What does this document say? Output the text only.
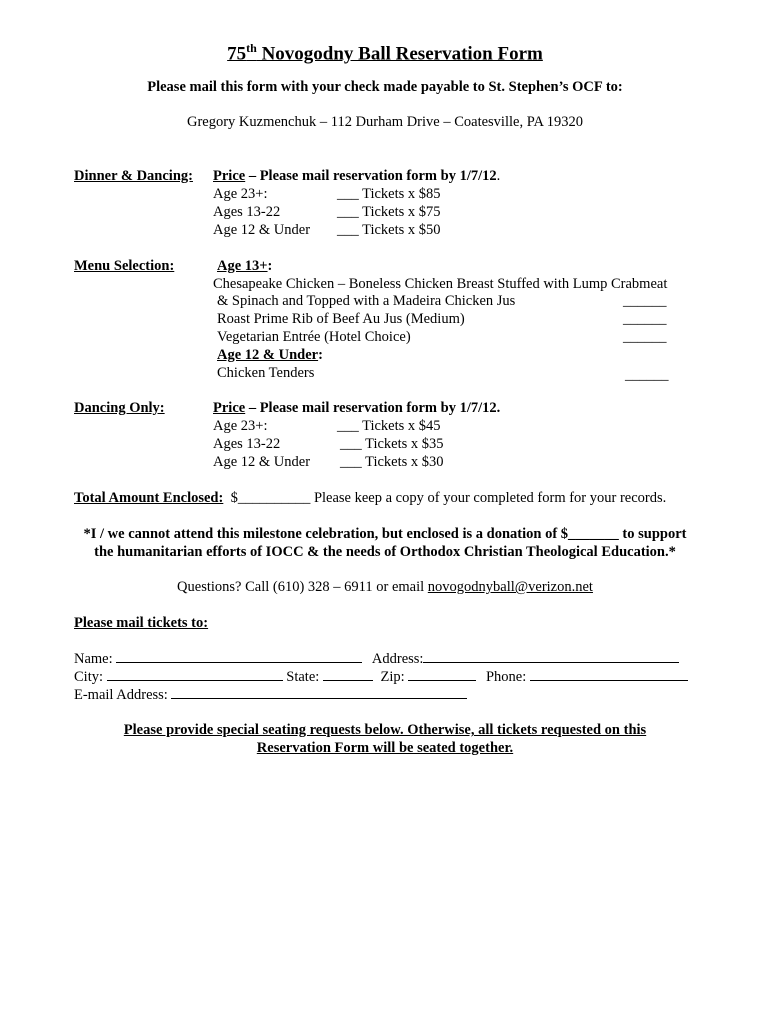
75th Novogodny Ball Reservation Form
Please mail this form with your check made payable to St. Stephen’s OCF to:
Gregory Kuzmenchuk – 112 Durham Drive – Coatesville, PA 19320
Dinner & Dancing: Price – Please mail reservation form by 1/7/12.
Age 23+:	___ Tickets x $85
Ages 13-22	___ Tickets x $75
Age 12 & Under ___ Tickets x $50
Menu Selection:	Age 13+:
Chesapeake Chicken – Boneless Chicken Breast Stuffed with Lump Crabmeat
& Spinach and Topped with a Madeira Chicken Jus	______
Roast Prime Rib of Beef Au Jus (Medium)	______
Vegetarian Entrée (Hotel Choice)	______
Age 12 & Under:
Chicken Tenders	______
Dancing Only:	Price – Please mail reservation form by 1/7/12.
Age 23+:	___ Tickets x $45
Ages 13-22	___ Tickets x $35
Age 12 & Under ___ Tickets x $30
Total Amount Enclosed: $__________ Please keep a copy of your completed form for your records.
*I / we cannot attend this milestone celebration, but enclosed is a donation of $_______ to support
the humanitarian efforts of IOCC & the needs of Orthodox Christian Theological Education.*
Questions? Call (610) 328 – 6911 or email novogodnyball@verizon.net
Please mail tickets to:
Name:	Address:
City:	State:	Zip:	Phone:
E-mail Address:
Please provide special seating requests below. Otherwise, all tickets requested on this
Reservation Form will be seated together.
